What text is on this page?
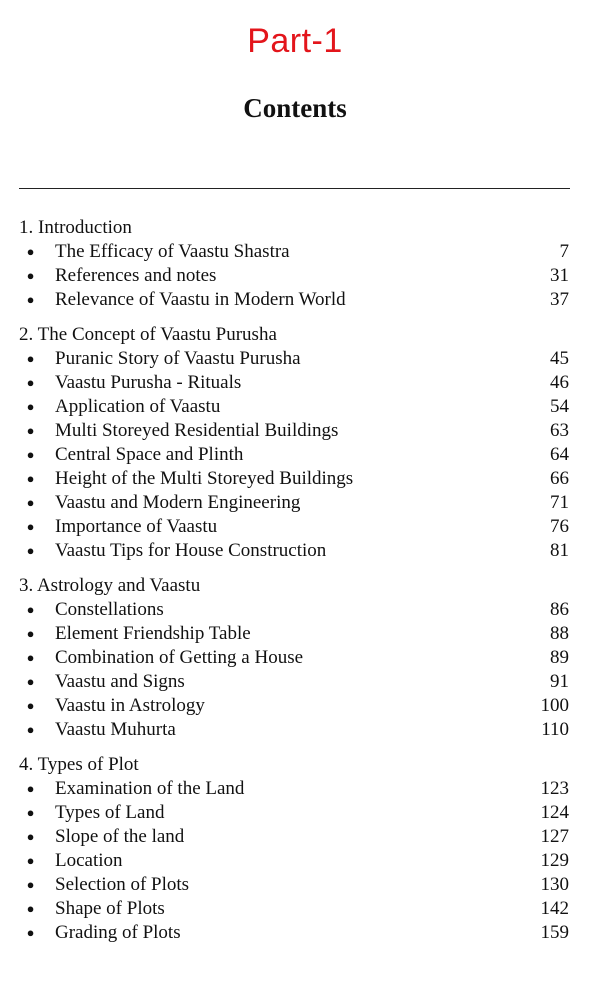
Part-1
Contents
1. Introduction
● The Efficacy of Vaastu Shastra	7
● References and notes	31
● Relevance of Vaastu in Modern World	37
2. The Concept of Vaastu Purusha
● Puranic Story of Vaastu Purusha	45
● Vaastu Purusha - Rituals	46
● Application of Vaastu	54
● Multi Storeyed Residential Buildings	63
● Central Space and Plinth	64
● Height of the Multi Storeyed Buildings	66
● Vaastu and Modern Engineering	71
● Importance of Vaastu	76
● Vaastu Tips for House Construction	81
3. Astrology and Vaastu
● Constellations	86
● Element Friendship Table	88
● Combination of Getting a House	89
● Vaastu and Signs	91
● Vaastu in Astrology	100
● Vaastu Muhurta	110
4. Types of Plot
● Examination of the Land	123
● Types of Land	124
● Slope of the land	127
● Location	129
● Selection of Plots	130
● Shape of Plots	142
● Grading of Plots	159
